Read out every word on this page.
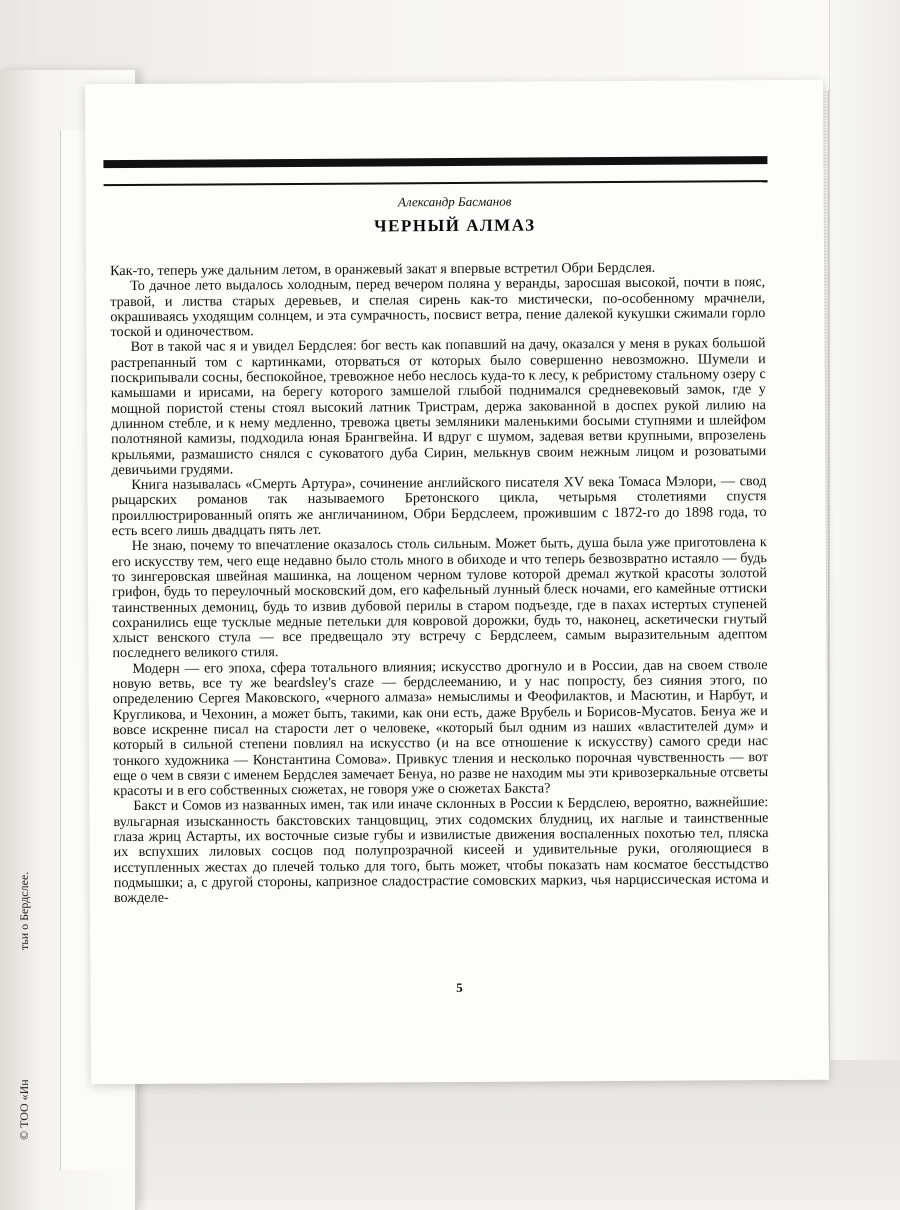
тьи о Бердслее.
© ТОО «Ин
Александр Басманов
ЧЕРНЫЙ АЛМАЗ

Как-то, теперь уже дальним летом, в оранжевый закат я впервые встретил Обри Бердслея.

То дачное лето выдалось холодным, перед вечером поляна у веранды, заросшая высокой, почти в пояс, травой, и листва старых деревьев, и спелая сирень как-то мистически, по-особенному мрачнели, окрашиваясь уходящим солнцем, и эта сумрачность, посвист ветра, пение далекой кукушки сжимали горло тоской и одиночеством.

Вот в такой час я и увидел Бердслея: бог весть как попавший на дачу, оказался у меня в руках большой растрепанный том с картинками, оторваться от которых было совершенно невозможно. Шумели и поскрипывали сосны, беспокойное, тревожное небо неслось куда-то к лесу, к ребристому стальному озеру с камышами и ирисами, на берегу которого замшелой глыбой поднимался средневековый замок, где у мощной пористой стены стоял высокий латник Тристрам, держа закованной в доспех рукой лилию на длинном стебле, и к нему медленно, тревожа цветы земляники маленькими босыми ступнями и шлейфом полотняной камизы, подходила юная Брангвейна. И вдруг с шумом, задевая ветви крупными, впрозелень крыльями, размашисто снялся с суковатого дуба Сирин, мелькнув своим нежным лицом и розоватыми девичьими грудями.

Книга называлась «Смерть Артура», сочинение английского писателя XV века Томаса Мэлори, — свод рыцарских романов так называемого Бретонского цикла, четырьмя столетиями спустя проиллюстрированный опять же англичанином, Обри Бердслеем, прожившим с 1872-го до 1898 года, то есть всего лишь двадцать пять лет.

Не знаю, почему то впечатление оказалось столь сильным. Может быть, душа была уже приготовлена к его искусству тем, чего еще недавно было столь много в обиходе и что теперь безвозвратно истаяло — будь то зингеровская швейная машинка, на лощеном черном туловe которой дремал жуткой красоты золотой грифон, будь то переулочный московский дом, его кафельный лунный блеск ночами, его камейные оттиски таинственных демониц, будь то извив дубовой перилы в старом подъезде, где в пахах истертых ступеней сохранились еще тусклые медные петельки для ковровой дорожки, будь то, наконец, аскетически гнутый хлыст венского стула — все предвещало эту встречу с Бердслеем, самым выразительным адептом последнего великого стиля.

Модерн — его эпоха, сфера тотального влияния; искусство дрогнуло и в России, дав на своем стволе новую ветвь, все ту же beardsley's craze — бердслееманию, и у нас попросту, без сияния этого, по определению Сергея Маковского, «черного алмаза» немыслимы и Феофилактов, и Масютин, и Нарбут, и Кругликова, и Чехонин, а может быть, такими, как они есть, даже Врубель и Борисов-Мусатов. Бенуа же и вовсе искренне писал на старости лет о человеке, «который был одним из наших «властителей дум» и который в сильной степени повлиял на искусство (и на все отношение к искусству) самого среди нас тонкого художника — Константина Сомова». Привкус тления и несколько порочная чувственность — вот еще о чем в связи с именем Бердслея замечает Бенуа, но разве не находим мы эти кривозеркальные отсветы красоты и в его собственных сюжетах, не говоря уже о сюжетах Бакста?

Бакст и Сомов из названных имен, так или иначе склонных в России к Бердслею, вероятно, важнейшие: вульгарная изысканность бакстовских танцовщиц, этих содомских блудниц, их наглые и таинственные глаза жриц Астарты, их восточные сизые губы и извилистые движения воспаленных похотью тел, пляска их вспухших лиловых сосцов под полупрозрачной кисеей и удивительные руки, оголяющиеся в исступленных жестах до плечей только для того, быть может, чтобы показать нам косматое бесстыдство подмышки; а, с другой стороны, капризное сладострастие сомовских маркиз, чья нарциссическая истома и вожделе-

5
